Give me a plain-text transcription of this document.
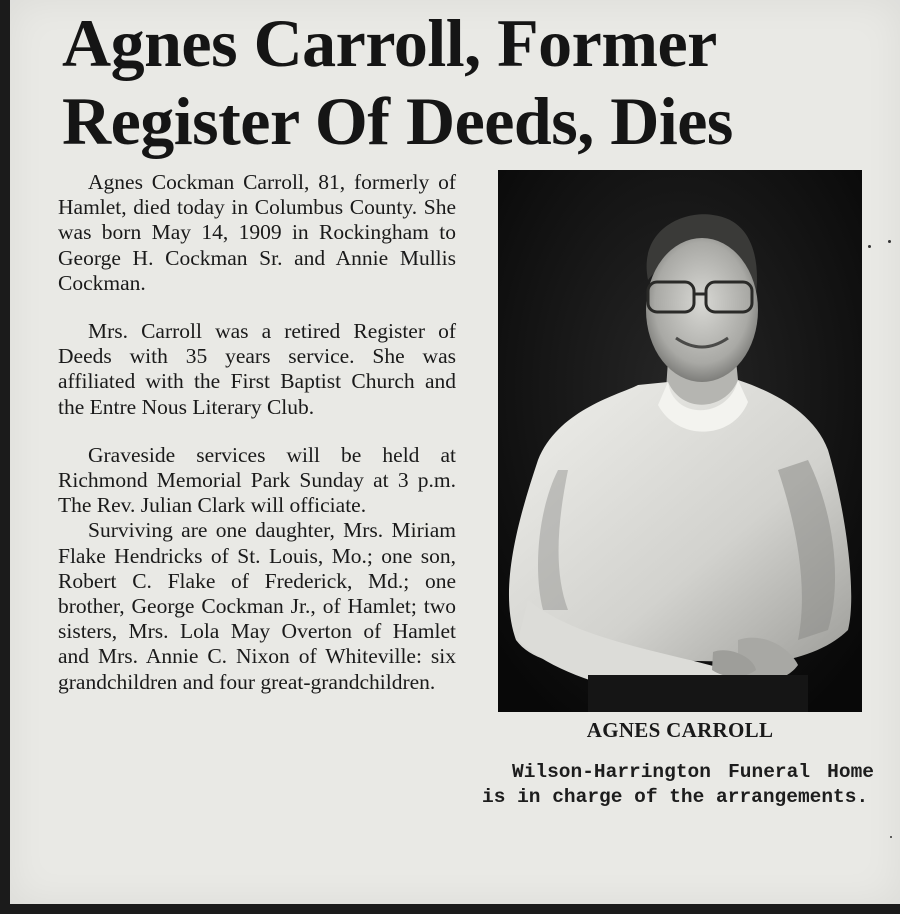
Agnes Carroll, Former
Register Of Deeds, Dies

Agnes Cockman Carroll, 81, formerly of Hamlet, died today in Columbus County. She was born May 14, 1909 in Rockingham to George H. Cockman Sr. and Annie Mullis Cockman.

Mrs. Carroll was a retired Register of Deeds with 35 years service. She was affiliated with the First Baptist Church and the Entre Nous Literary Club.

Graveside services will be held at Richmond Memorial Park Sunday at 3 p.m. The Rev. Julian Clark will officiate.

Surviving are one daughter, Mrs. Miriam Flake Hendricks of St. Louis, Mo.; one son, Robert C. Flake of Frederick, Md.; one brother, George Cockman Jr., of Hamlet; two sisters, Mrs. Lola May Overton of Hamlet and Mrs. Annie C. Nixon of Whiteville: six grandchildren and four great-grandchildren.

AGNES CARROLL
Wilson-Harrington Funeral Home is in charge of the arrangements.
